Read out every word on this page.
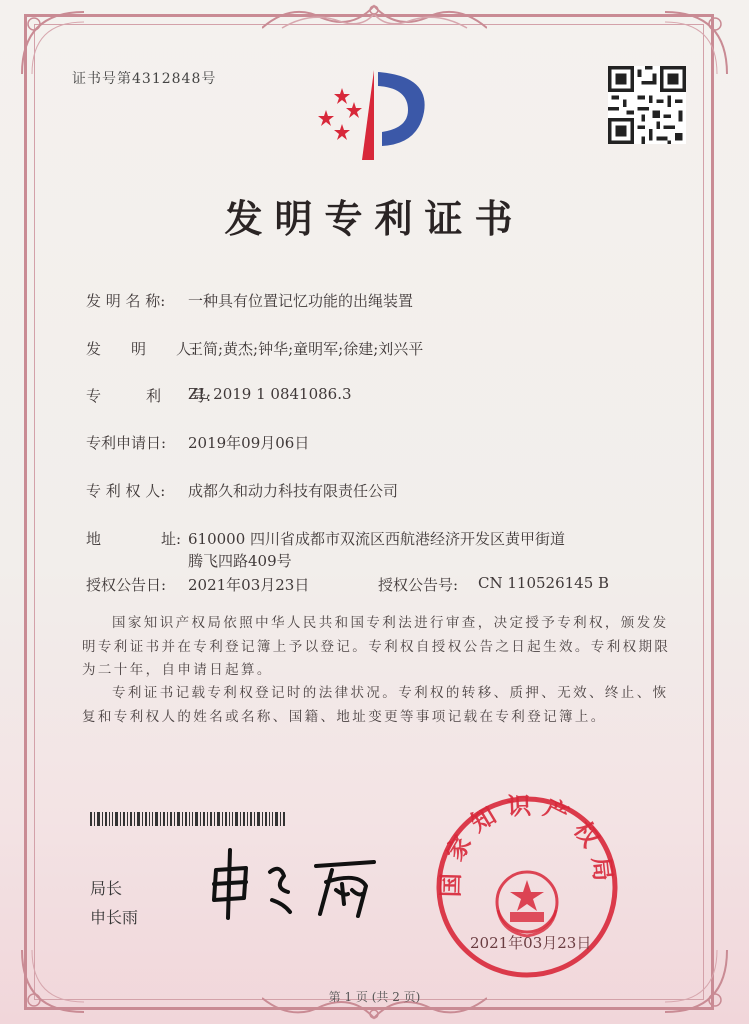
证书号第4312848号
发明专利证书
发 明 名 称: 一种具有位置记忆功能的出绳装置
发　　明　　人:
王简;黄杰;钟华;童明军;徐建;刘兴平
专　　　利　　号:
ZL 2019 1 0841086.3
专利申请日: 2019年09月06日
专 利 权 人: 成都久和动力科技有限责任公司
地　　　　址: 610000 四川省成都市双流区西航港经济开发区黄甲街道
腾飞四路409号
授权公告日: 2021年03月23日	授权公告号: CN 110526145 B
国家知识产权局依照中华人民共和国专利法进行审查，决定授予专利权，颁发发明专利证书并在专利登记簿上予以登记。专利权自授权公告之日起生效。专利权期限为二十年，自申请日起算。
专利证书记载专利权登记时的法律状况。专利权的转移、质押、无效、终止、恢复和专利权人的姓名或名称、国籍、地址变更等事项记载在专利登记簿上。
局长
申长雨
国家知识产权局
2021年03月23日
第 1 页 (共 2 页)
